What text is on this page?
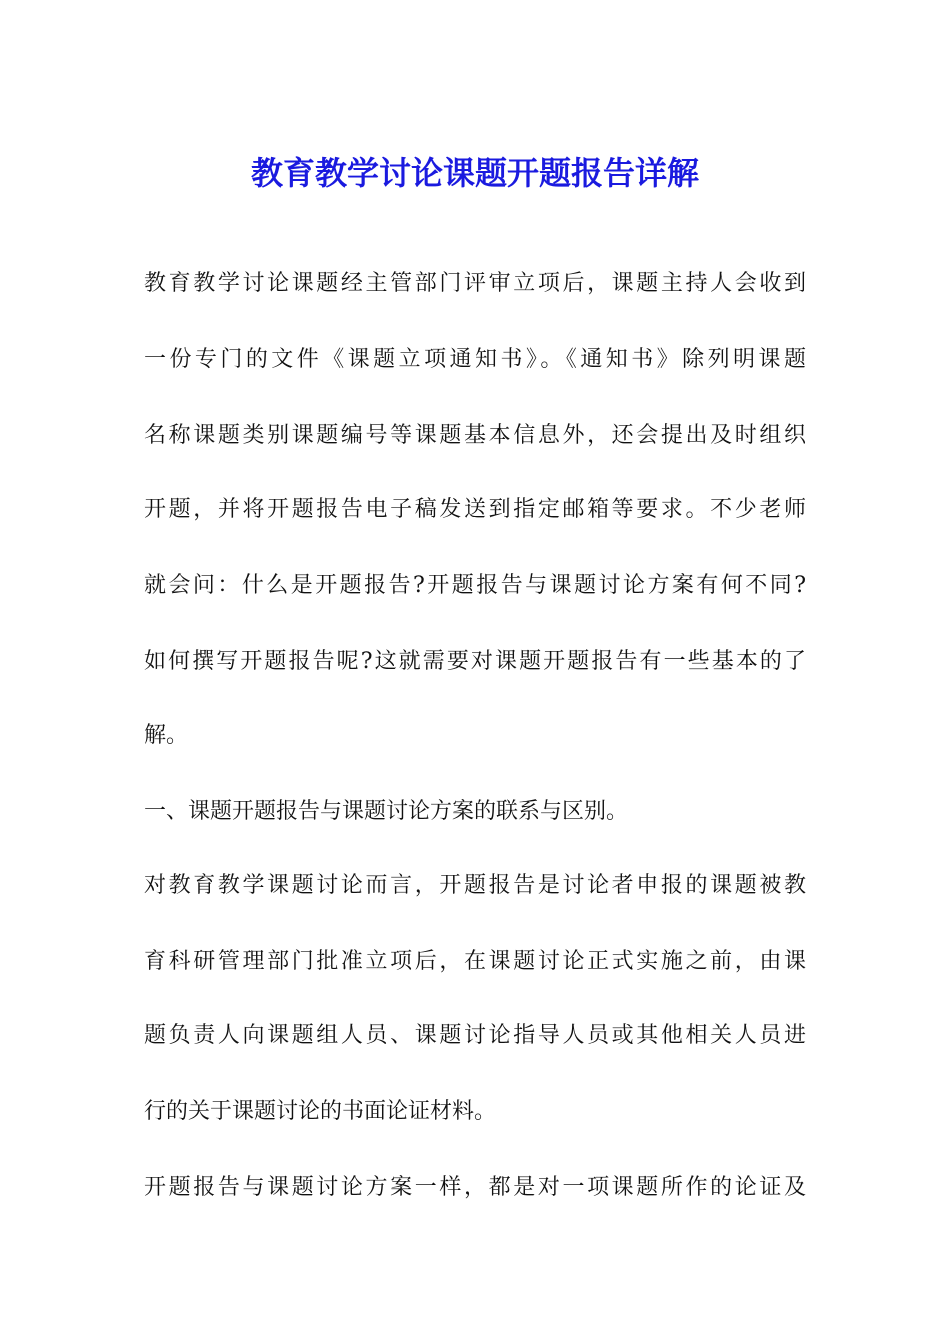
教育教学讨论课题开题报告详解
教育教学讨论课题经主管部门评审立项后，课题主持人会收到
一份专门的文件《课题立项通知书》。《通知书》除列明课题
名称课题类别课题编号等课题基本信息外，还会提出及时组织
开题，并将开题报告电子稿发送到指定邮箱等要求。不少老师
就会问：什么是开题报告?开题报告与课题讨论方案有何不同?
如何撰写开题报告呢?这就需要对课题开题报告有一些基本的了
解。
一、课题开题报告与课题讨论方案的联系与区别。
对教育教学课题讨论而言，开题报告是讨论者申报的课题被教
育科研管理部门批准立项后，在课题讨论正式实施之前，由课
题负责人向课题组人员、课题讨论指导人员或其他相关人员进
行的关于课题讨论的书面论证材料。
开题报告与课题讨论方案一样，都是对一项课题所作的论证及
